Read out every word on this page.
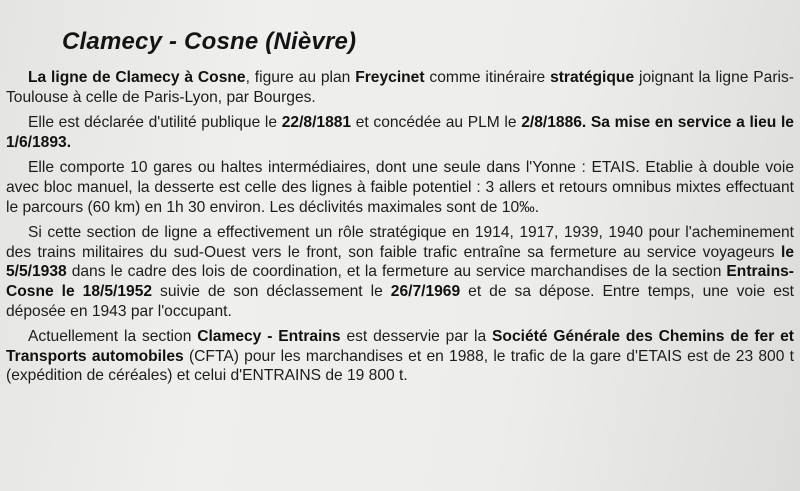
Clamecy - Cosne (Nièvre)

La ligne de Clamecy à Cosne, figure au plan Freycinet comme itinéraire stratégique joignant la ligne Paris-Toulouse à celle de Paris-Lyon, par Bourges.

Elle est déclarée d'utilité publique le 22/8/1881 et concédée au PLM le 2/8/1886. Sa mise en service a lieu le 1/6/1893.

Elle comporte 10 gares ou haltes intermédiaires, dont une seule dans l'Yonne : ETAIS. Etablie à double voie avec bloc manuel, la desserte est celle des lignes à faible potentiel : 3 allers et retours omnibus mixtes effectuant le parcours (60 km) en 1h 30 environ. Les déclivités maximales sont de 10‰.

Si cette section de ligne a effectivement un rôle stratégique en 1914, 1917, 1939, 1940 pour l'acheminement des trains militaires du sud-Ouest vers le front, son faible trafic entraîne sa fermeture au service voyageurs le 5/5/1938 dans le cadre des lois de coordination, et la fermeture au service marchandises de la section Entrains-Cosne le 18/5/1952 suivie de son déclassement le 26/7/1969 et de sa dépose. Entre temps, une voie est déposée en 1943 par l'occupant.

Actuellement la section Clamecy - Entrains est desservie par la Société Générale des Chemins de fer et Transports automobiles (CFTA) pour les marchandises et en 1988, le trafic de la gare d'ETAIS est de 23 800 t (expédition de céréales) et celui d'ENTRAINS de 19 800 t.
